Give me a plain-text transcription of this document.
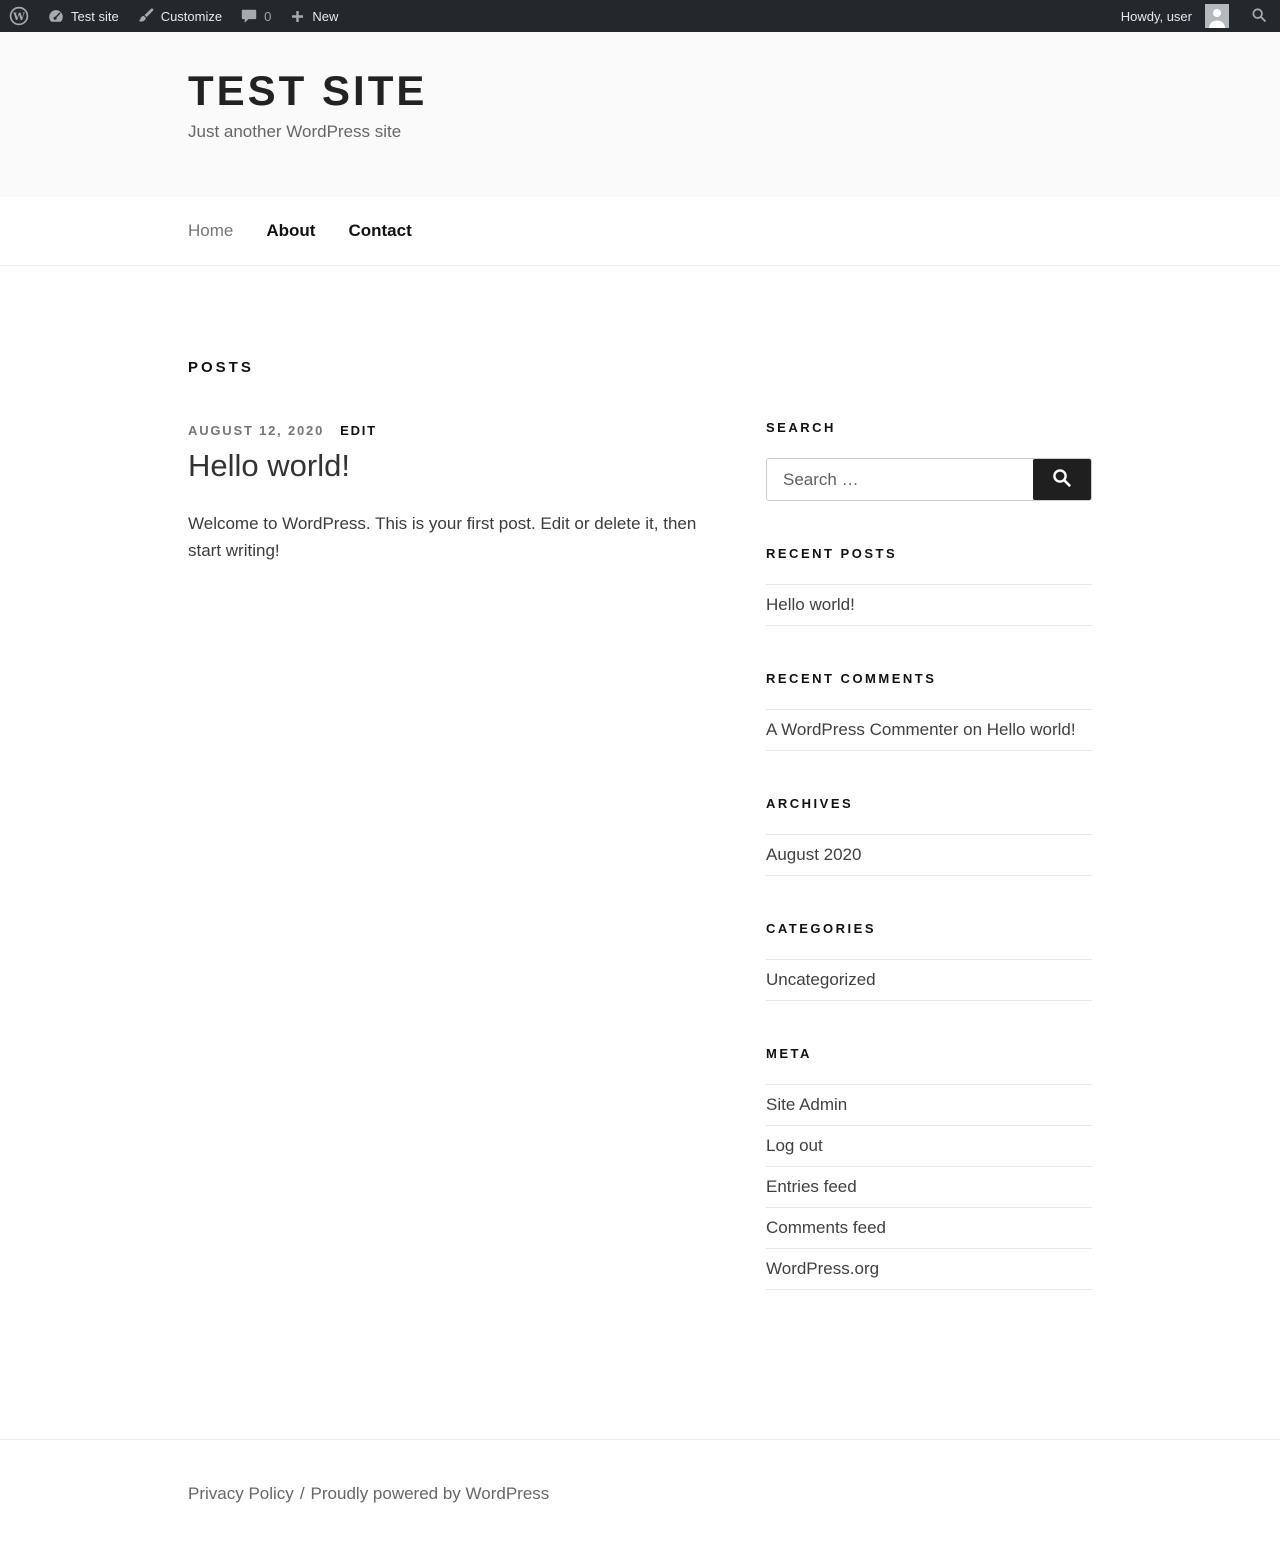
W	Test site	Customize	0	New	Howdy, user
TEST SITE

Just another WordPress site

Home About Contact
POSTS
AUGUST 12, 2020 EDIT
Hello world!

Welcome to WordPress. This is your first post. Edit or delete it, then start writing!

SEARCH
Search …
RECENT POSTS
Hello world!
RECENT COMMENTS
A WordPress Commenter on Hello world!
ARCHIVES
August 2020
CATEGORIES
Uncategorized
META
Site Admin
Log out
Entries feed
Comments feed
WordPress.org
Privacy Policy / Proudly powered by WordPress
